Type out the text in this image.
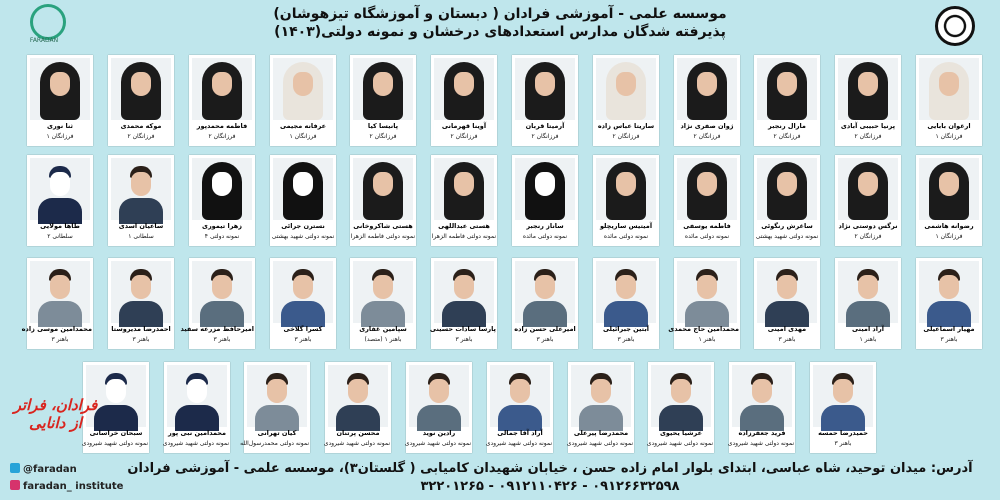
FARADAN
موسسه علمی - آموزشی فرادان ( دبستان و آموزشگاه تیزهوشان)
پذیرفته شدگان مدارس استعدادهای درخشان و نمونه دولتی(۱۴۰۳)
ارغوان بابایی
فرزانگان ۱
پرنیا حبیبی آبادی
فرزانگان ۲
مارال رنجبر
فرزانگان ۲
ژوان صفری نژاد
فرزانگان ۲
ساریتا عباس زاده
فرزانگان ۲
آرمیتا قربان
فرزانگان ۲
آوینا قهرمانی
فرزانگان ۲
پانیسا کیا
فرزانگان ۲
عرفانه مجیمی
فرزانگان ۱
فاطمه محمدپور
فرزانگان ۲
موکه محمدی
فرزانگان ۲
ثنا نوری
فرزانگان ۱
رضوانه هاشمی
فرزانگان ۱
نرگس دوستی نژاد
فرزانگان ۲
ساغرش رنگوئی
نمونه دولتی شهید بهشتی
فاطمه یوسفی
نمونه دولتی مائده
آمیتیس ساریچلو
نمونه دولتی مائده
ساناز رنجبر
نمونه دولتی مائده
هستی عبداللهی
نمونه دولتی فاطمه الزهرا
هستی شاکروخانی
نمونه دولتی فاطمه الزهرا
نسترن جرائی
نمونه دولتی شهید بهشتی
زهرا تیموری
نمونه دولتی ۴
ساعیان اسدی
سلطانی ۱
طاها مولایی
سلطانی ۲
مهیار اسماعیلی
باهنر ۳
آراد امینی
باهنر ۱
مهدی امینی
باهنر ۳
محمدامین حاج محمدی
باهنر ۱
آبتین جبرائیلی
باهنر ۳
امیرعلی حسن زاده
باهنر ۳
پارسا سادات حسینی
باهنر ۳
سپامین غفاری
باهنر ۱ (متصد)
کسرا گلاخی
باهنر ۳
امیرحافظ مزرعه سفید
باهنر ۳
احمدرضا مدیروستا
باهنر ۳
محمدامین موسی زاده
باهنر ۳
حمیدرضا حمسه
باهنر ۳
فرید جعفرزاده
نمونه دولتی شهید شیرودی
عرشیا یحیوی
نمونه دولتی شهید شیرودی
محمدرضا پیرعلی
نمونه دولتی شهید شیرودی
آراد آقا جمالی
نمونه دولتی شهید شیرودی
رادین نوید
نمونه دولتی شهید شیرودی
محسن پرتنان
نمونه دولتی شهید شیرودی
کیان تهرانی
نمونه دولتی محمدرسول‌الله
محمدامین نبی پور
نمونه دولتی شهید شیرودی
سبحان خراسانی
نمونه دولتی شهید شیرودی
فرادان، فراتر از دانایی
@faradan
faradan_ institute
آدرس: میدان توحید، شاه عباسی، ابتدای بلوار امام زاده حسن ، خیابان شهیدان کامیابی ( گلستان۳)، موسسه علمی - آموزشی فرادان
۰۹۱۲۶۶۳۲۵۹۸ - ۰۹۱۲۱۱۰۴۲۶ - ۳۲۲۰۱۲۶۵
